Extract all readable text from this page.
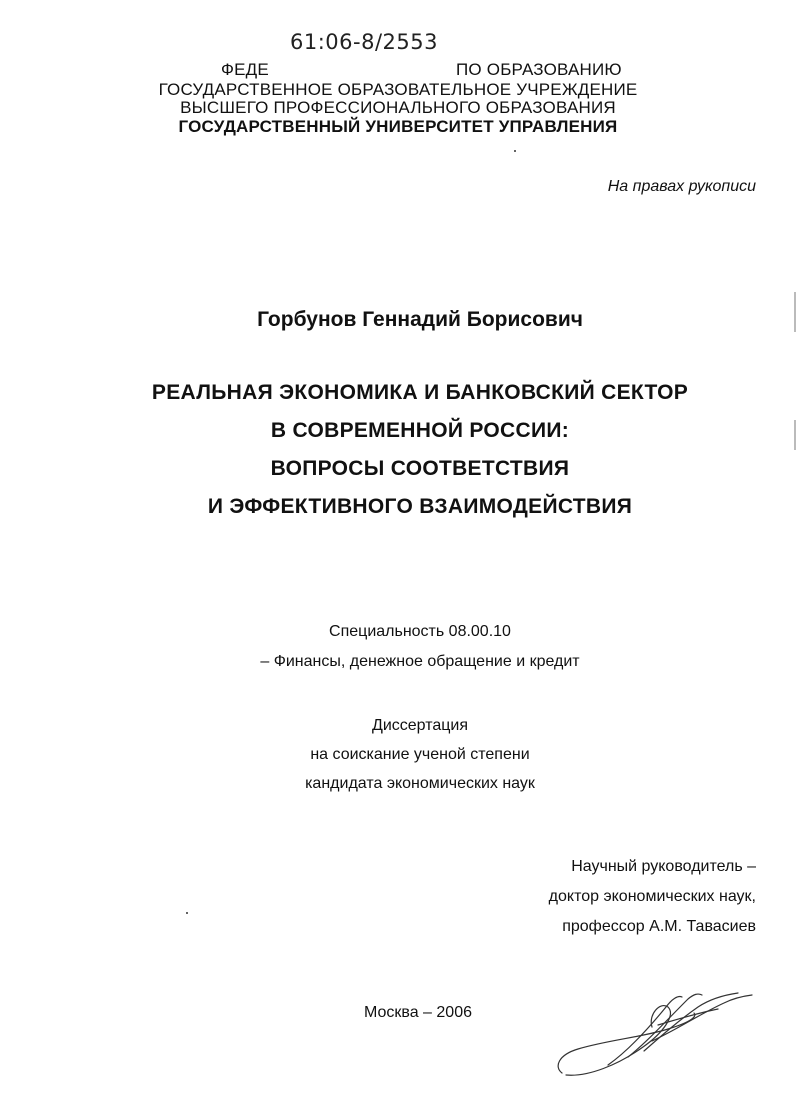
61:06-8/2553
ФЕДЕ	ПО ОБРАЗОВАНИЮ
ГОСУДАРСТВЕННОЕ ОБРАЗОВАТЕЛЬНОЕ УЧРЕЖДЕНИЕ
ВЫСШЕГО ПРОФЕССИОНАЛЬНОГО ОБРАЗОВАНИЯ
ГОСУДАРСТВЕННЫЙ УНИВЕРСИТЕТ УПРАВЛЕНИЯ
На правах рукописи
Горбунов Геннадий Борисович
РЕАЛЬНАЯ ЭКОНОМИКА И БАНКОВСКИЙ СЕКТОР
В СОВРЕМЕННОЙ РОССИИ:
ВОПРОСЫ СООТВЕТСТВИЯ
И ЭФФЕКТИВНОГО ВЗАИМОДЕЙСТВИЯ
Специальность 08.00.10
– Финансы, денежное обращение и кредит
Диссертация
на соискание ученой степени
кандидата экономических наук
Научный руководитель –
доктор экономических наук,
профессор А.М. Тавасиев
Москва – 2006
